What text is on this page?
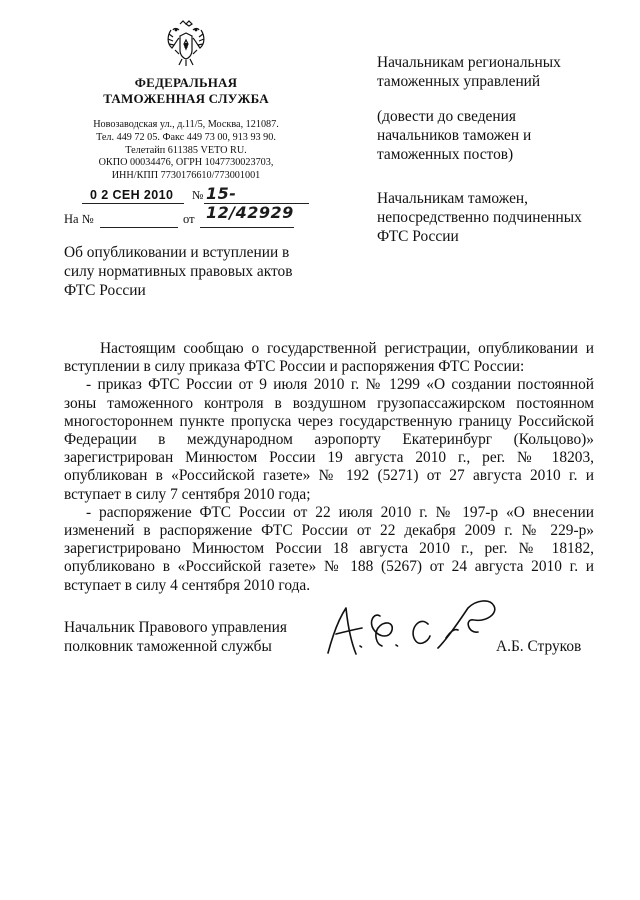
ФЕДЕРАЛЬНАЯ
ТАМОЖЕННАЯ СЛУЖБА
Новозаводская ул., д.11/5, Москва, 121087.
Тел. 449 72 05. Факс 449 73 00, 913 93 90.
Телетайп 611385 VETO RU.
ОКПО 00034476, ОГРН 1047730023703,
ИНН/КПП 7730176610/773001001
0 2 СЕН 2010 № 15-12/42929
На №	от
Об опубликовании и вступлении в
силу нормативных правовых актов
ФТС России
Начальникам региональных
таможенных управлений
(довести до сведения
начальников таможен и
таможенных постов)
Начальникам таможен,
непосредственно подчиненных
ФТС России

Настоящим сообщаю о государственной регистрации, опубликовании и вступлении в силу приказа ФТС России и распоряжения ФТС России:

- приказ ФТС России от 9 июля 2010 г. № 1299 «О создании постоянной зоны таможенного контроля в воздушном грузопассажирском постоянном многостороннем пункте пропуска через государственную границу Российской Федерации в международном аэропорту Екатеринбург (Кольцово)» зарегистрирован Минюстом России 19 августа 2010 г., рег. № 18203, опубликован в «Российской газете» № 192 (5271) от 27 августа 2010 г. и вступает в силу 7 сентября 2010 года;

- распоряжение ФТС России от 22 июля 2010 г. № 197-р «О внесении изменений в распоряжение ФТС России от 22 декабря 2009 г. № 229-р» зарегистрировано Минюстом России 18 августа 2010 г., рег. № 18182, опубликовано в «Российской газете» № 188 (5267) от 24 августа 2010 г. и вступает в силу 4 сентября 2010 года.

Начальник Правового управления
полковник таможенной службы	А.Б. Струков
